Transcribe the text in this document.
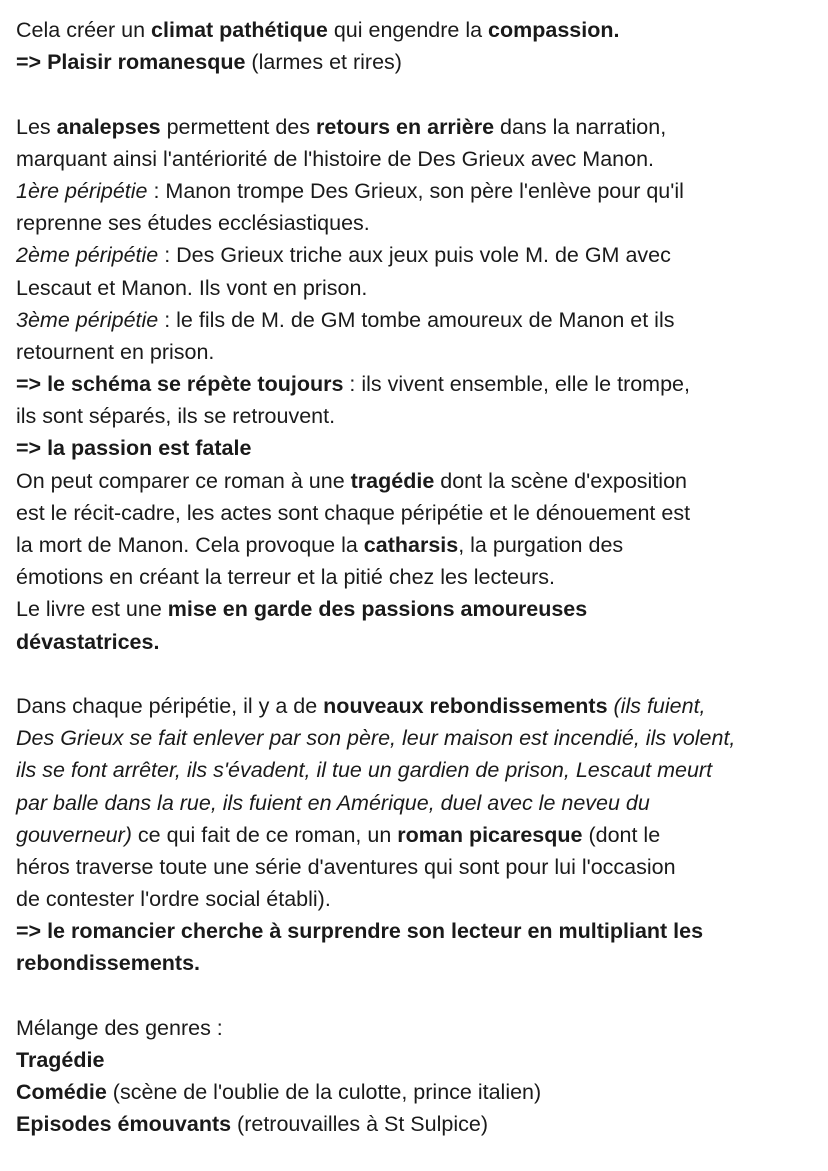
Cela créer un climat pathétique qui engendre la compassion.
=> Plaisir romanesque (larmes et rires)
Les analepses permettent des retours en arrière dans la narration,
marquant ainsi l'antériorité de l'histoire de Des Grieux avec Manon.
1ère péripétie : Manon trompe Des Grieux, son père l'enlève pour qu'il
reprenne ses études ecclésiastiques.
2ème péripétie : Des Grieux triche aux jeux puis vole M. de GM avec
Lescaut et Manon. Ils vont en prison.
3ème péripétie : le fils de M. de GM tombe amoureux de Manon et ils
retournent en prison.
=> le schéma se répète toujours : ils vivent ensemble, elle le trompe,
ils sont séparés, ils se retrouvent.
=> la passion est fatale
On peut comparer ce roman à une tragédie dont la scène d'exposition
est le récit-cadre, les actes sont chaque péripétie et le dénouement est
la mort de Manon. Cela provoque la catharsis, la purgation des
émotions en créant la terreur et la pitié chez les lecteurs.
Le livre est une mise en garde des passions amoureuses
dévastatrices.
Dans chaque péripétie, il y a de nouveaux rebondissements (ils fuient,
Des Grieux se fait enlever par son père, leur maison est incendié, ils volent,
ils se font arrêter, ils s'évadent, il tue un gardien de prison, Lescaut meurt
par balle dans la rue, ils fuient en Amérique, duel avec le neveu du
gouverneur) ce qui fait de ce roman, un roman picaresque (dont le
héros traverse toute une série d'aventures qui sont pour lui l'occasion
de contester l'ordre social établi).
=> le romancier cherche à surprendre son lecteur en multipliant les
rebondissements.
Mélange des genres :
Tragédie
Comédie (scène de l'oublie de la culotte, prince italien)
Episodes émouvants (retrouvailles à St Sulpice)
